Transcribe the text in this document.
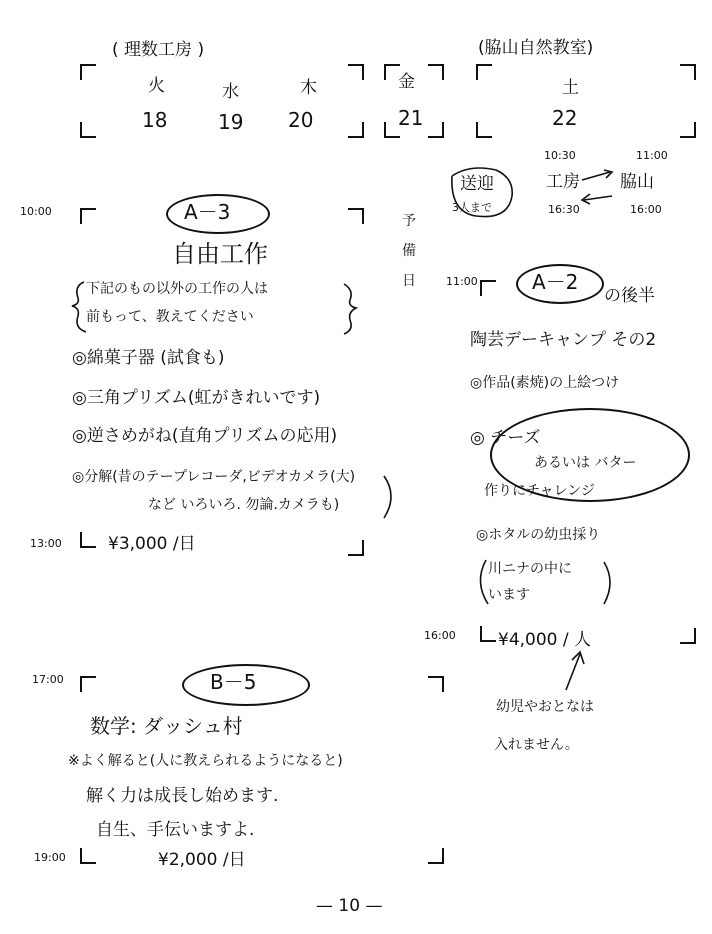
( 理数工房 )	(脇山自然教室)
火
18
水
19
木
20
金
21
土
22
10:30	11:00
送迎
3人まで
工房 脇山
16:30	16:00
予
備
日
10:00	A－3
自由工作
下記のもの以外の工作の人は
前もって、教えてください
◎綿菓子器 (試食も)
◎三角プリズム(虹がきれいです)
◎逆さめがね(直角プリズムの応用)
◎分解(昔のテープレコーダ,ビデオカメラ(大)
など いろいろ. 勿論.カメラも)
13:00	¥3,000 /日
11:00	A－2
の後半
陶芸デーキャンプ その2
◎作品(素焼)の上絵つけ
◎ チーズ
あるいは バター
作りにチャレンジ
◎ホタルの幼虫採り
川ニナの中に
います
16:00 ¥4,000 / 人
幼児やおとなは
入れません。
17:00	B－5
数学: ダッシュ村
※よく解ると(人に教えられるようになると)
解く力は成長し始めます.
自生、手伝いますよ.
19:00	¥2,000 /日
— 10 —
